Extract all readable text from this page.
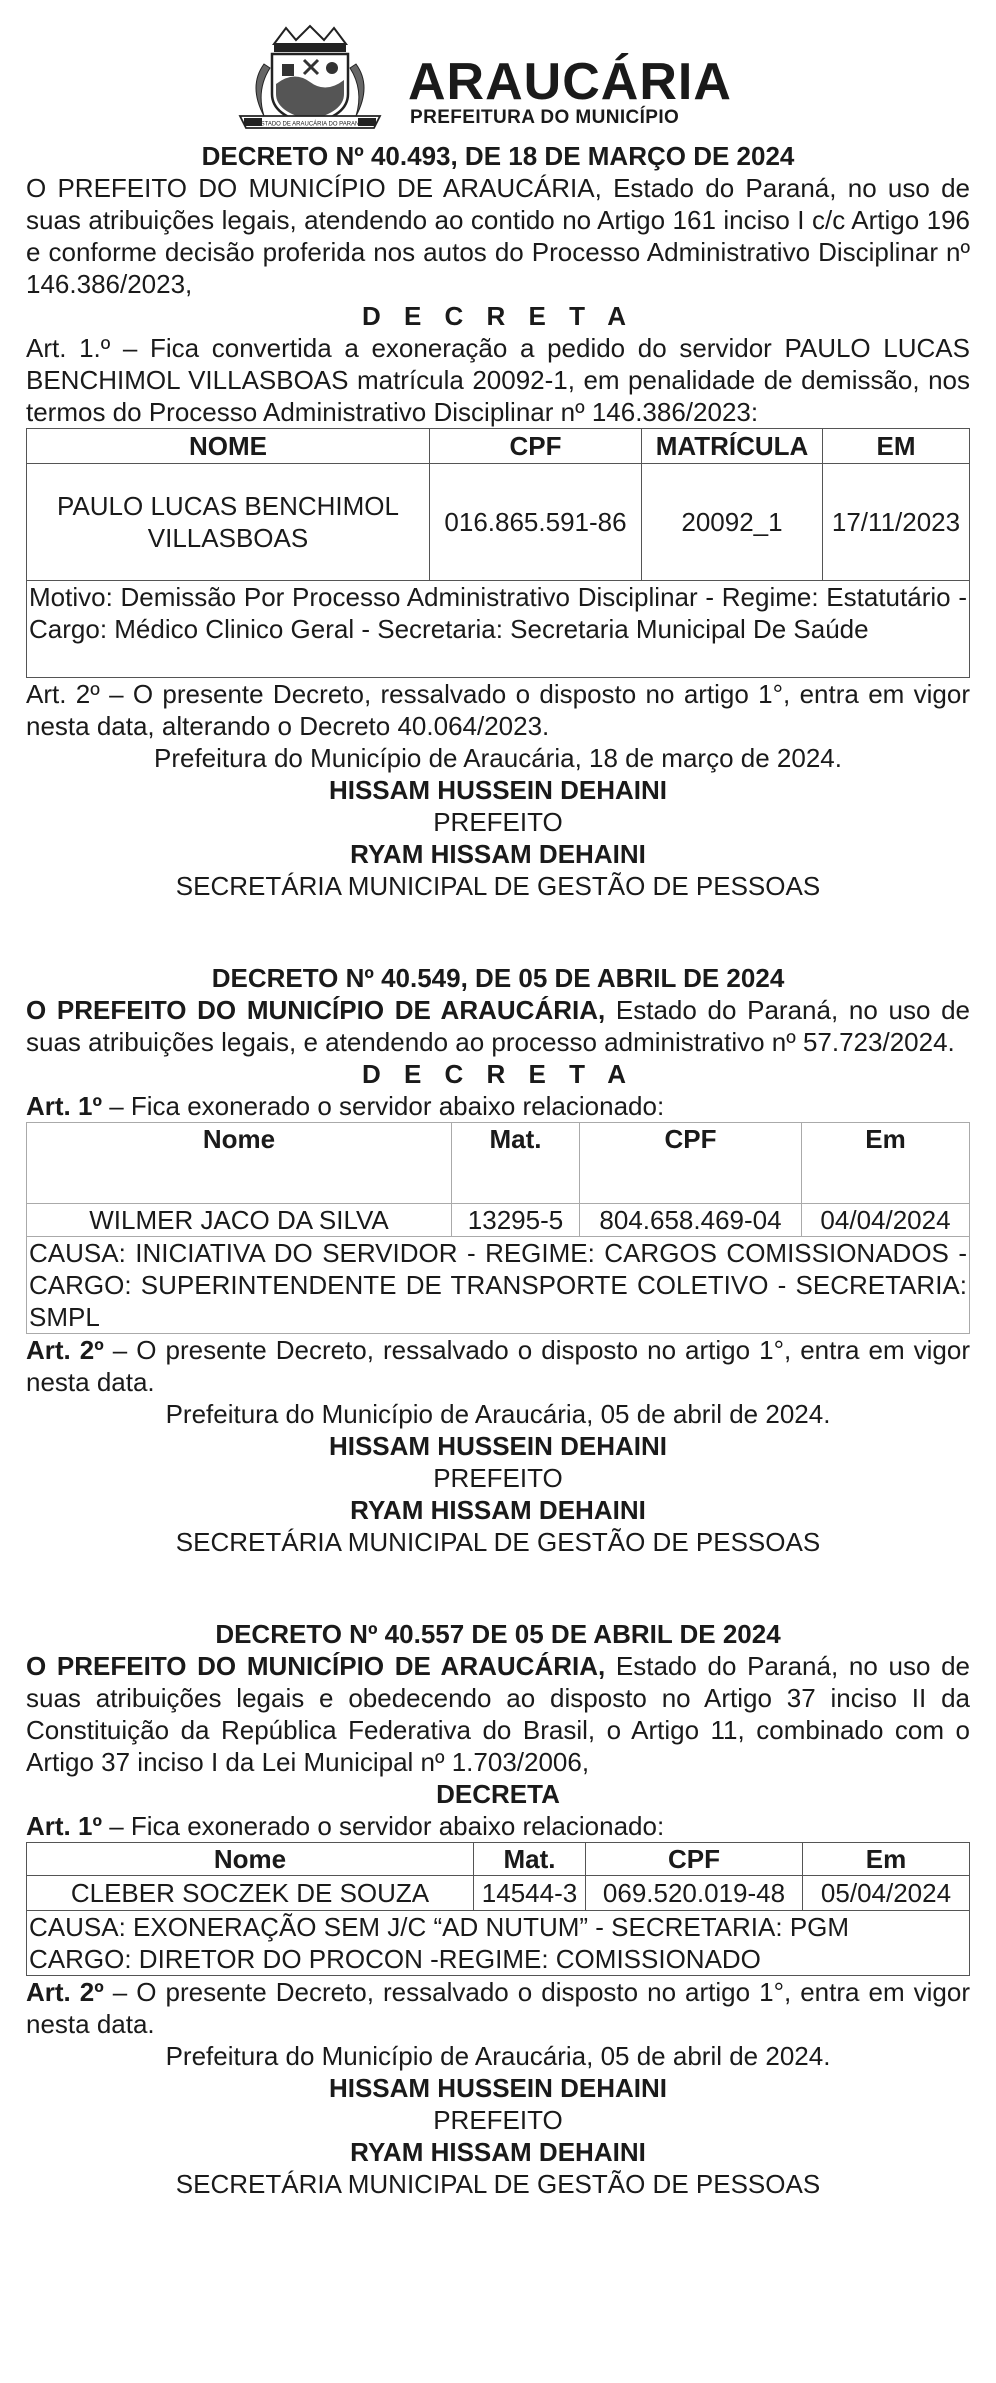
ESTADO DE ARAUCÁRIA DO PARANÁ
ARAUCÁRIA
PREFEITURA DO MUNICÍPIO
DECRETO Nº 40.493, DE 18 DE MARÇO DE 2024
O PREFEITO DO MUNICÍPIO DE ARAUCÁRIA, Estado do Paraná, no uso de suas atribuições legais, atendendo ao contido no Artigo 161 inciso I c/c Artigo 196 e conforme decisão proferida nos autos do Processo Administrativo Disciplinar nº 146.386/2023,
D E C R E T A
Art. 1.º – Fica convertida a exoneração a pedido do servidor PAULO LUCAS BENCHIMOL VILLASBOAS matrícula 20092-1, em penalidade de demissão, nos termos do Processo Administrativo Disciplinar nº 146.386/2023:
NOME	CPF	MATRÍCULA	EM
PAULO LUCAS BENCHIMOL VILLASBOAS	016.865.591-86	20092_1	17/11/2023
Motivo: Demissão Por Processo Administrativo Disciplinar - Regime: Estatutário - Cargo: Médico Clinico Geral - Secretaria: Secretaria Municipal De Saúde			
Art. 2º – O presente Decreto, ressalvado o disposto no artigo 1°, entra em vigor nesta data, alterando o Decreto 40.064/2023.
Prefeitura do Município de Araucária, 18 de março de 2024.
HISSAM HUSSEIN DEHAINI
PREFEITO
RYAM HISSAM DEHAINI
SECRETÁRIA MUNICIPAL DE GESTÃO DE PESSOAS
DECRETO Nº 40.549, DE 05 DE ABRIL DE 2024
O PREFEITO DO MUNICÍPIO DE ARAUCÁRIA, Estado do Paraná, no uso de suas atribuições legais, e atendendo ao processo administrativo nº 57.723/2024.
D E C R E T A
Art. 1º – Fica exonerado o servidor abaixo relacionado:
Nome	Mat.	CPF	Em
WILMER JACO DA SILVA	13295-5	804.658.469-04	04/04/2024
CAUSA: INICIATIVA DO SERVIDOR - REGIME: CARGOS COMISSIONADOS - CARGO: SUPERINTENDENTE DE TRANSPORTE COLETIVO - SECRETARIA: SMPL			
Art. 2º – O presente Decreto, ressalvado o disposto no artigo 1°, entra em vigor nesta data.
Prefeitura do Município de Araucária, 05 de abril de 2024.
HISSAM HUSSEIN DEHAINI
PREFEITO
RYAM HISSAM DEHAINI
SECRETÁRIA MUNICIPAL DE GESTÃO DE PESSOAS
DECRETO Nº 40.557 DE 05 DE ABRIL DE 2024
O PREFEITO DO MUNICÍPIO DE ARAUCÁRIA, Estado do Paraná, no uso de suas atribuições legais e obedecendo ao disposto no Artigo 37 inciso II da Constituição da República Federativa do Brasil, o Artigo 11, combinado com o Artigo 37 inciso I da Lei Municipal nº 1.703/2006,
DECRETA
Art. 1º – Fica exonerado o servidor abaixo relacionado:
Nome	Mat.	CPF	Em
CLEBER SOCZEK DE SOUZA	14544-3	069.520.019-48	05/04/2024

CAUSA: EXONERAÇÃO SEM J/C “AD NUTUM” - SECRETARIA: PGM
CARGO: DIRETOR DO PROCON -REGIME: COMISSIONADO			
Art. 2º – O presente Decreto, ressalvado o disposto no artigo 1°, entra em vigor nesta data.
Prefeitura do Município de Araucária, 05 de abril de 2024.
HISSAM HUSSEIN DEHAINI
PREFEITO
RYAM HISSAM DEHAINI
SECRETÁRIA MUNICIPAL DE GESTÃO DE PESSOAS
